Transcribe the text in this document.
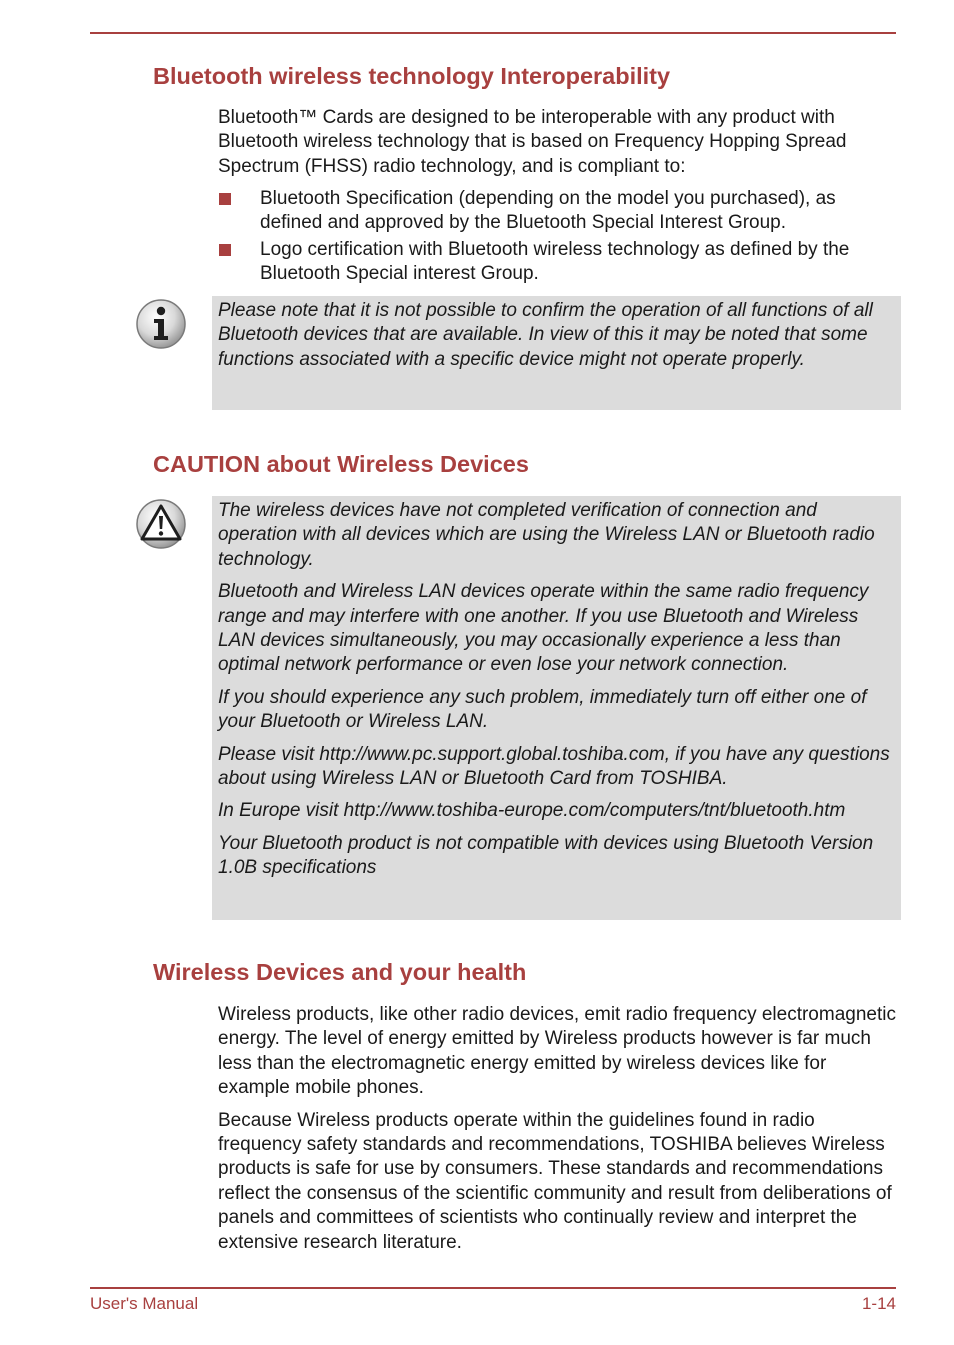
Bluetooth wireless technology Interoperability

Bluetooth™ Cards are designed to be interoperable with any product with Bluetooth wireless technology that is based on Frequency Hopping Spread Spectrum (FHSS) radio technology, and is compliant to:

Bluetooth Specification (depending on the model you purchased), as defined and approved by the Bluetooth Special Interest Group.
Logo certification with Bluetooth wireless technology as defined by the Bluetooth Special interest Group.

Please note that it is not possible to confirm the operation of all functions of all Bluetooth devices that are available. In view of this it may be noted that some functions associated with a specific device might not operate properly.

CAUTION about Wireless Devices

The wireless devices have not completed verification of connection and operation with all devices which are using the Wireless LAN or Bluetooth radio technology.

Bluetooth and Wireless LAN devices operate within the same radio frequency range and may interfere with one another. If you use Bluetooth and Wireless LAN devices simultaneously, you may occasionally experience a less than optimal network performance or even lose your network connection.

If you should experience any such problem, immediately turn off either one of your Bluetooth or Wireless LAN.

Please visit http://www.pc.support.global.toshiba.com, if you have any questions about using Wireless LAN or Bluetooth Card from TOSHIBA.

In Europe visit http://www.toshiba-europe.com/computers/tnt/bluetooth.htm

Your Bluetooth product is not compatible with devices using Bluetooth Version 1.0B specifications

Wireless Devices and your health

Wireless products, like other radio devices, emit radio frequency electromagnetic energy. The level of energy emitted by Wireless products however is far much less than the electromagnetic energy emitted by wireless devices like for example mobile phones.

Because Wireless products operate within the guidelines found in radio frequency safety standards and recommendations, TOSHIBA believes Wireless products is safe for use by consumers. These standards and recommendations reflect the consensus of the scientific community and result from deliberations of panels and committees of scientists who continually review and interpret the extensive research literature.

User's Manual	1-14
